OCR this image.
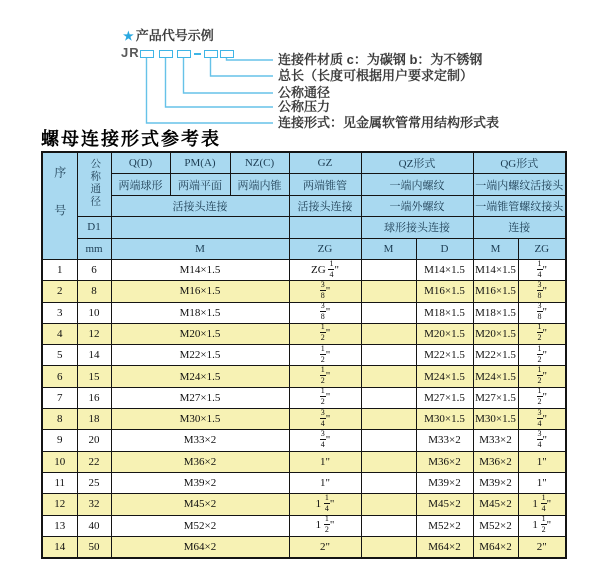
★ 产品代号示例
JR	连接件材质 c：为碳钢 b：为不锈钢
总长（长度可根据用户要求定制）
公称通径
公称压力
连接形式：见金属软管常用结构形式表
螺母连接形式参考表
序号	公称通径	Q(D)	PM(A)	NZ(C)	GZ	QZ形式		QG形式	
		两端球形	两端平面	两端内锥	两端锥管	一端内螺纹		一端内螺纹活接头	
		活接头连接			活接头连接	一端外螺纹		一端锥管螺纹接头	
	D1					球形接头连接		连接	
	mm	M			ZG	M	D	M	ZG
1	6	M14×1.5			ZG $\frac{1}{4}$ "		M14×1.5	M14×1.5	$\frac{1}{4}$ "
2	8	M16×1.5			$\frac{3}{8}$ "		M16×1.5	M16×1.5	$\frac{3}{8}$ "
3	10	M18×1.5			$\frac{3}{8}$ "		M18×1.5	M18×1.5	$\frac{3}{8}$ "
4	12	M20×1.5			$\frac{1}{2}$ "		M20×1.5	M20×1.5	$\frac{1}{2}$ "
5	14	M22×1.5			$\frac{1}{2}$ "		M22×1.5	M22×1.5	$\frac{1}{2}$ "
6	15	M24×1.5			$\frac{1}{2}$ "		M24×1.5	M24×1.5	$\frac{1}{2}$ "
7	16	M27×1.5			$\frac{1}{2}$ "		M27×1.5	M27×1.5	$\frac{1}{2}$ "
8	18	M30×1.5			$\frac{3}{4}$ "		M30×1.5	M30×1.5	$\frac{3}{4}$ "
9	20	M33×2			$\frac{3}{4}$ "		M33×2	M33×2	$\frac{3}{4}$ "
10	22	M36×2			1"		M36×2	M36×2	1"
11	25	M39×2			1"		M39×2	M39×2	1"
12	32	M45×2			$1 \frac{1}{4}$ "		M45×2	M45×2	$1 \frac{1}{4}$ "
13	40	M52×2			$1 \frac{1}{2}$ "		M52×2	M52×2	$1 \frac{1}{2}$ "
14	50	M64×2			2"		M64×2	M64×2	2"
